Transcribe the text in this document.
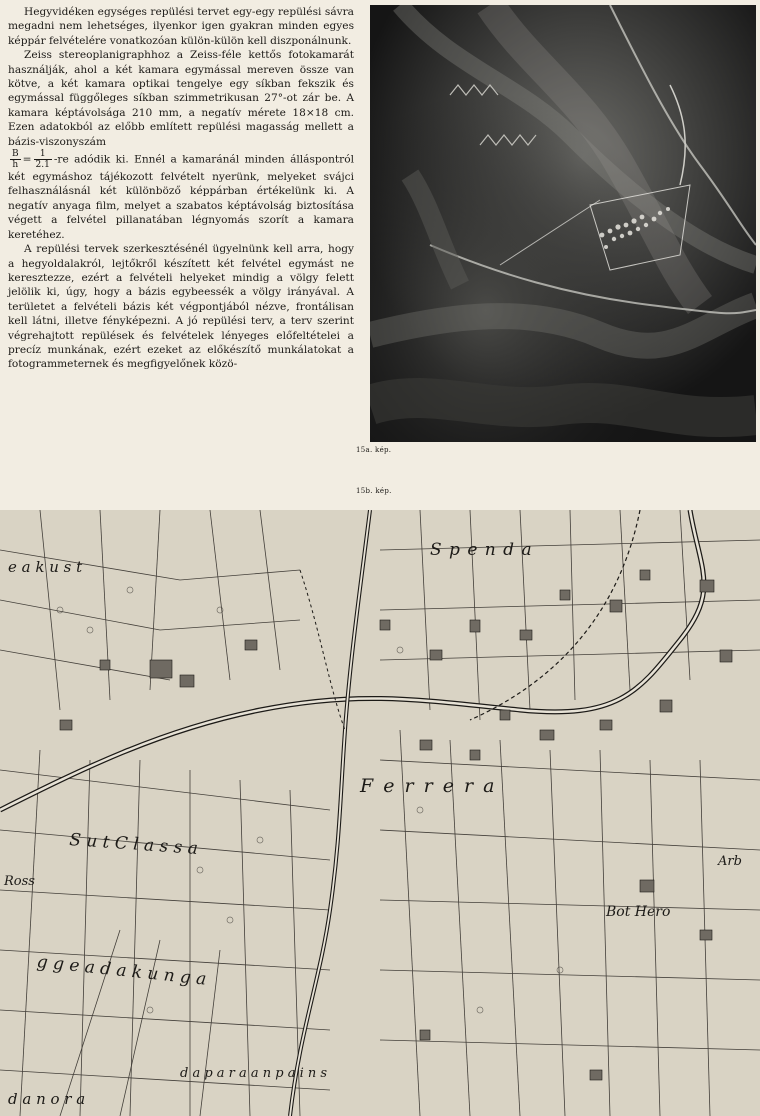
Hegyvidéken egységes repülési tervet egy-egy repülési sávra megadni nem lehetséges, ilyenkor igen gyakran minden egyes képpár felvételére vonatkozóan külön-külön kell diszponálnunk.

Zeiss stereoplanigraphhoz a Zeiss-féle kettős fotokamarát használják, ahol a két kamara egymással mereven össze van kötve, a két kamara optikai tengelye egy síkban fekszik és egymással függőleges síkban szimmetrikusan 27°-ot zár be. A kamara képtávolsága 210 mm, a negatív mérete 18×18 cm. Ezen adatokból az előbb említett repülési magasság mellett a bázis-viszonyszám

$\frac{B}{h} = \frac{1}{2.1} -re$ adódik ki. Ennél a kamaránál minden álláspontról két egymáshoz tájékozott felvételt nyerünk, melyeket svájci felhasználásnál két különböző képpárban értékelünk ki. A negatív anyaga film, melyet a szabatos képtávolság biztosítása végett a felvétel pillanatában légnyomás szorít a kamara keretéhez.

A repülési tervek szerkesztésénél ügyelnünk kell arra, hogy a hegyoldalakról, lejtőkről készített két felvétel egymást ne keresztezze, ezért a felvételi helyeket mindig a völgy felett jelölik ki, úgy, hogy a bázis egybeessék a völgy irányával. A területet a felvételi bázis két végpontjából nézve, frontálisan kell látni, illetve fényképezni. A jó repülési terv, a terv szerint végrehajtott repülések és felvételek lényeges előfeltételei a precíz munkának, ezért ezeket az előkészítő munkálatokat a fotogrammeternek és megfigyelőnek közö-

15a. kép.
15b. kép.
S p e n d a
e a k u s t
F e r r e r a
S u t C l a s s a
Ross
g g e a d a k u n g a
Bot Hero
Arb
d a p a r a a n p a i n s
d a n o r a
